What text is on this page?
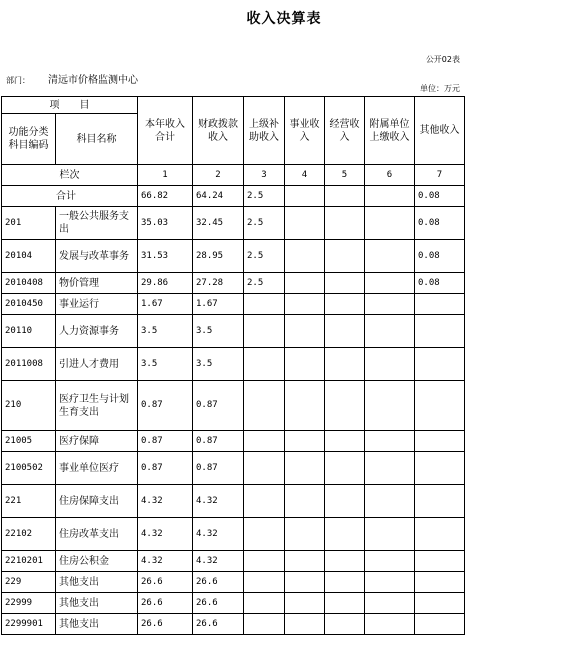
收入决算表
公开02表
部门： 清远市价格监测中心
单位：万元
项　　目		本年收入合计	财政拨款收入	上级补助收入	事业收入	经营收入	附属单位上缴收入	其他收入
功能分类科目编码	科目名称							
栏次		1	2	3	4	5	6	7
合计		66.82	64.24	2.5				0.08
201	一般公共服务支出	35.03	32.45	2.5				0.08
20104	发展与改革事务	31.53	28.95	2.5				0.08
2010408	物价管理	29.86	27.28	2.5				0.08
2010450	事业运行	1.67	1.67					
20110	人力资源事务	3.5	3.5					
2011008	引进人才费用	3.5	3.5					
210	医疗卫生与计划生育支出	0.87	0.87					
21005	医疗保障	0.87	0.87					
2100502	事业单位医疗	0.87	0.87					
221	住房保障支出	4.32	4.32					
22102	住房改革支出	4.32	4.32					
2210201	住房公积金	4.32	4.32					
229	其他支出	26.6	26.6					
22999	其他支出	26.6	26.6					
2299901	其他支出	26.6	26.6					
